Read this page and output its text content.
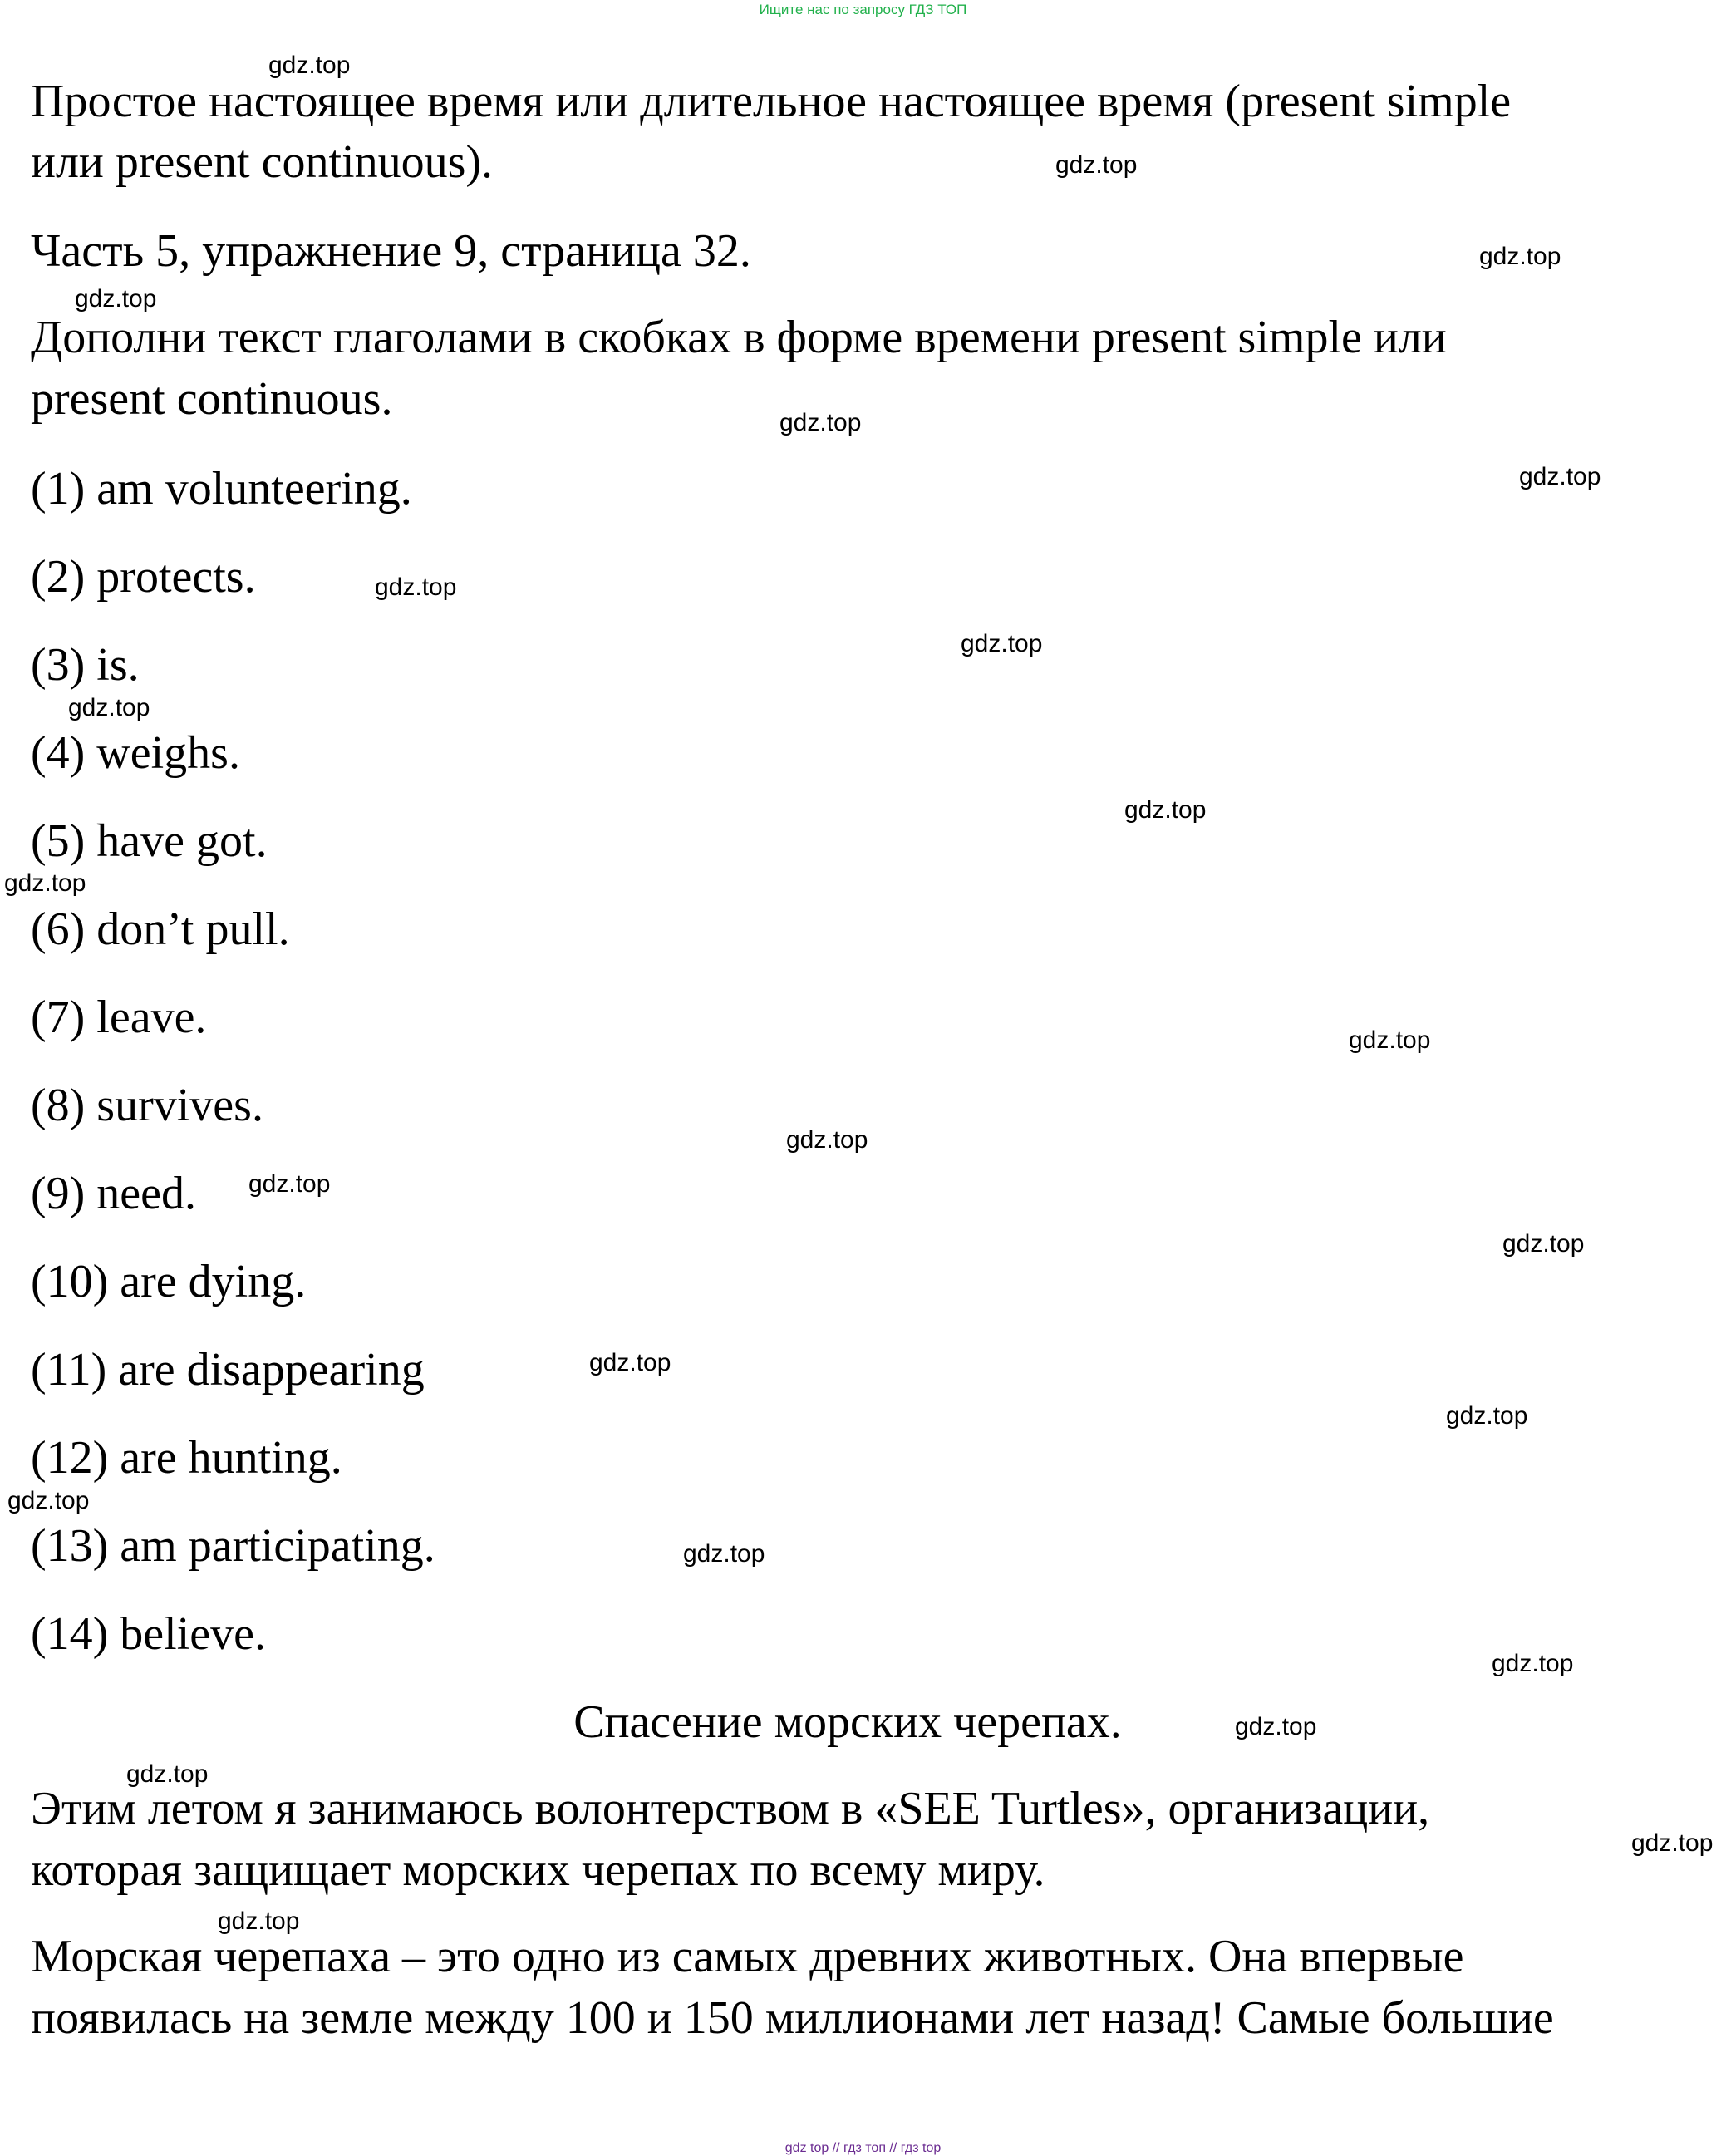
Ищите нас по запросу ГДЗ ТОП
Простое настоящее время или длительное настоящее время (present simple
или present continuous).
Часть 5, упражнение 9, страница 32.
Дополни текст глаголами в скобках в форме времени present simple или
present continuous.
(1) am volunteering.
(2) protects.
(3) is.
(4) weighs.
(5) have got.
(6) don’t pull.
(7) leave.
(8) survives.
(9) need.
(10) are dying.
(11) are disappearing
(12) are hunting.
(13) am participating.
(14) believe.
Спасение морских черепах.
Этим летом я занимаюсь волонтерством в «SEE Turtles», организации,
которая защищает морских черепах по всему миру.
Морская черепаха – это одно из самых древних животных. Она впервые
появилась на земле между 100 и 150 миллионами лет назад! Самые большие
gdz.top
gdz.top
gdz.top
gdz.top
gdz.top
gdz.top
gdz.top
gdz.top
gdz.top
gdz.top
gdz.top
gdz.top
gdz.top
gdz.top
gdz.top
gdz.top
gdz.top
gdz.top
gdz.top
gdz.top
gdz.top
gdz.top
gdz.top
gdz.top
gdz top // гдз топ // гдз top
